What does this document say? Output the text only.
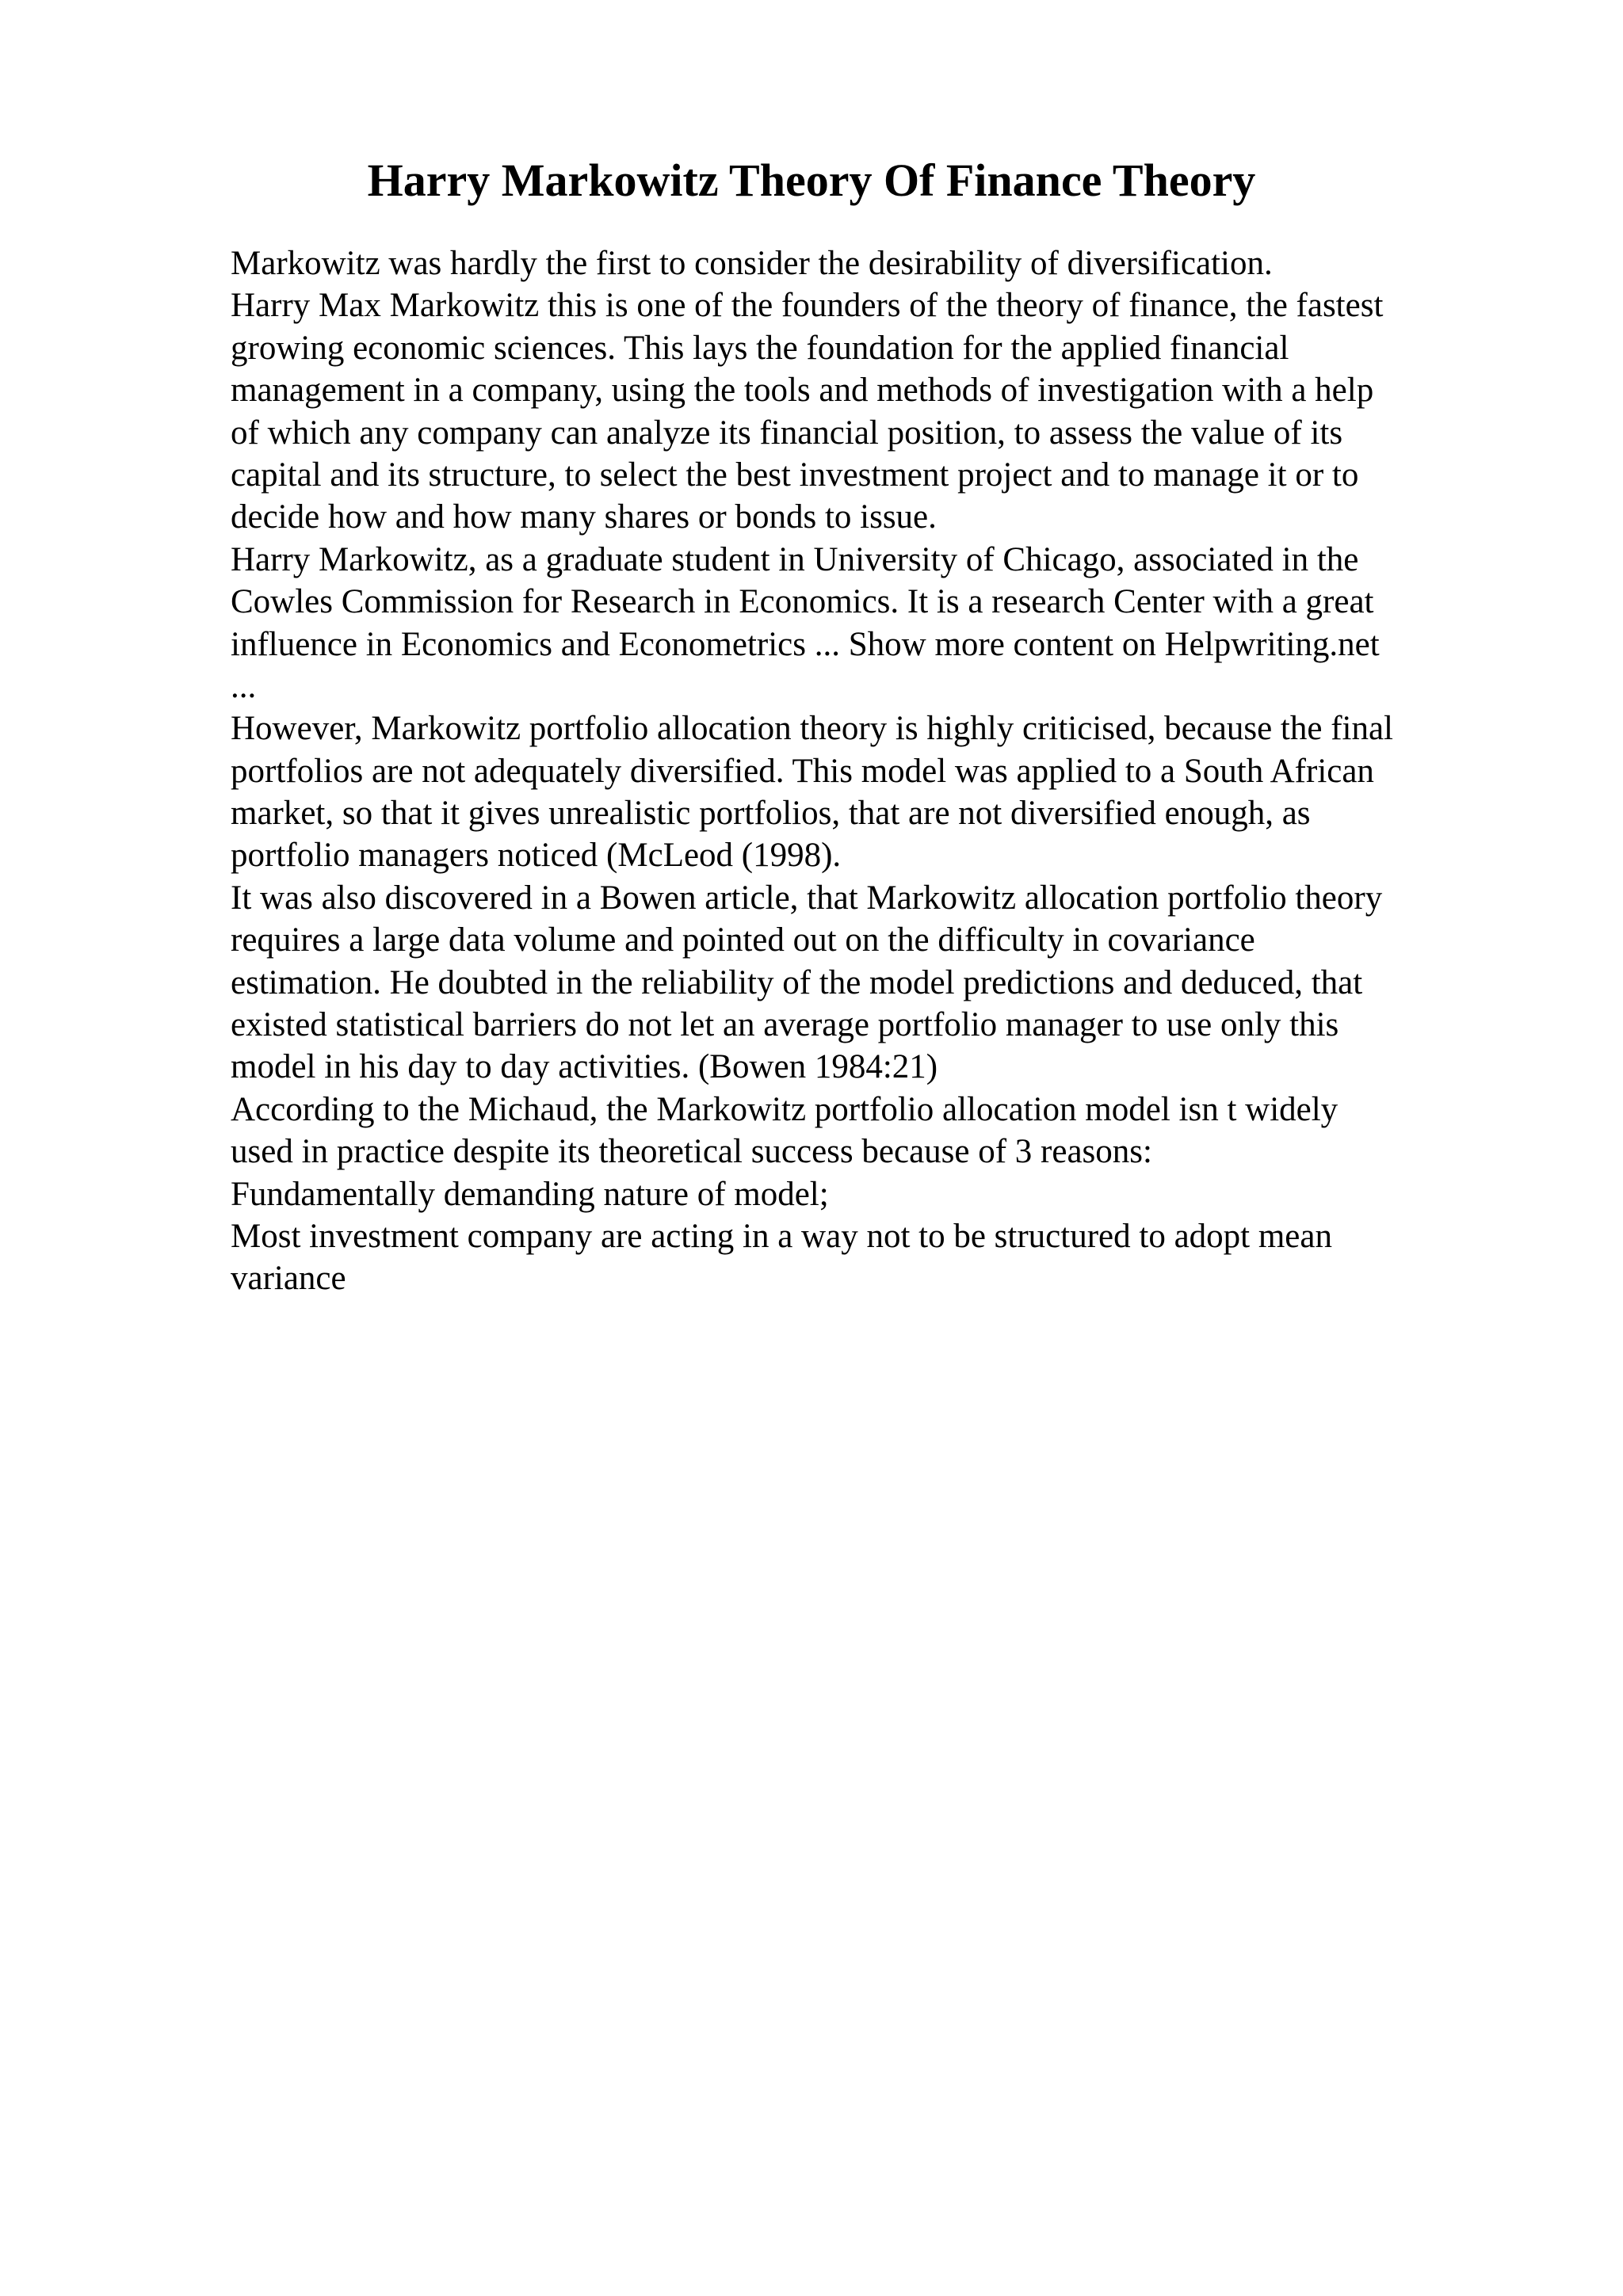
Harry Markowitz Theory Of Finance Theory

Markowitz was hardly the first to consider the desirability of diversification.

Harry Max Markowitz this is one of the founders of the theory of finance, the fastest

growing economic sciences. This lays the foundation for the applied financial

management in a company, using the tools and methods of investigation with a help

of which any company can analyze its financial position, to assess the value of its

capital and its structure, to select the best investment project and to manage it or to

decide how and how many shares or bonds to issue.

Harry Markowitz, as a graduate student in University of Chicago, associated in the

Cowles Commission for Research in Economics. It is a research Center with a great

influence in Economics and Econometrics ... Show more content on Helpwriting.net

...

However, Markowitz portfolio allocation theory is highly criticised, because the final

portfolios are not adequately diversified. This model was applied to a South African

market, so that it gives unrealistic portfolios, that are not diversified enough, as

portfolio managers noticed (McLeod (1998).

It was also discovered in a Bowen article, that Markowitz allocation portfolio theory

requires a large data volume and pointed out on the difficulty in covariance

estimation. He doubted in the reliability of the model predictions and deduced, that

existed statistical barriers do not let an average portfolio manager to use only this

model in his day to day activities. (Bowen 1984:21)

According to the Michaud, the Markowitz portfolio allocation model isn t widely

used in practice despite its theoretical success because of 3 reasons:

Fundamentally demanding nature of model;

Most investment company are acting in a way not to be structured to adopt mean

variance
